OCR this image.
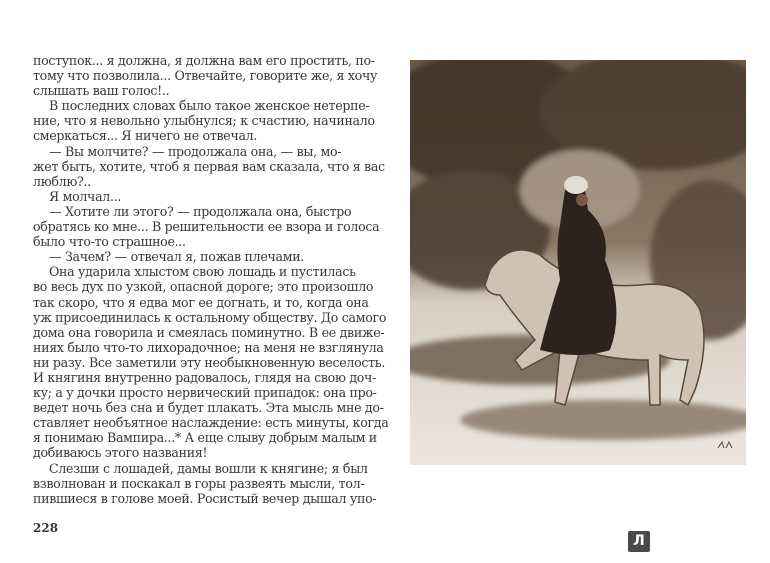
поступок... я должна, я должна вам его простить, по-
тому что позволила... Отвечайте, говорите же, я хочу
слышать ваш голос!..
В последних словах было такое женское нетерпе-
ние, что я невольно улыбнулся; к счастию, начинало
смеркаться... Я ничего не отвечал.
— Вы молчите? — продолжала она, — вы, мо-
жет быть, хотите, чтоб я первая вам сказала, что я вас
люблю?..
Я молчал...
— Хотите ли этого? — продолжала она, быстро
обратясь ко мне... В решительности ее взора и голоса
было что-то страшное...
— Зачем? — отвечал я, пожав плечами.
Она ударила хлыстом свою лошадь и пустилась
во весь дух по узкой, опасной дороге; это произошло
так скоро, что я едва мог ее догнать, и то, когда она
уж присоединилась к остальному обществу. До самого
дома она говорила и смеялась поминутно. В ее движе-
ниях было что-то лихорадочное; на меня не взглянула
ни разу. Все заметили эту необыкновенную веселость.
И княгиня внутренно радовалось, глядя на свою доч-
ку; а у дочки просто нервический припадок: она про-
ведет ночь без сна и будет плакать. Эта мысль мне до-
ставляет необъятное наслаждение: есть минуты, когда
я понимаю Вампира...* А еще слыву добрым малым и
добиваюсь этого названия!
Слезши с лошадей, дамы вошли к княгине; я был
взволнован и поскакал в горы развеять мысли, тол-
пившиеся в голове моей. Росистый вечер дышал упо-
228
Л
